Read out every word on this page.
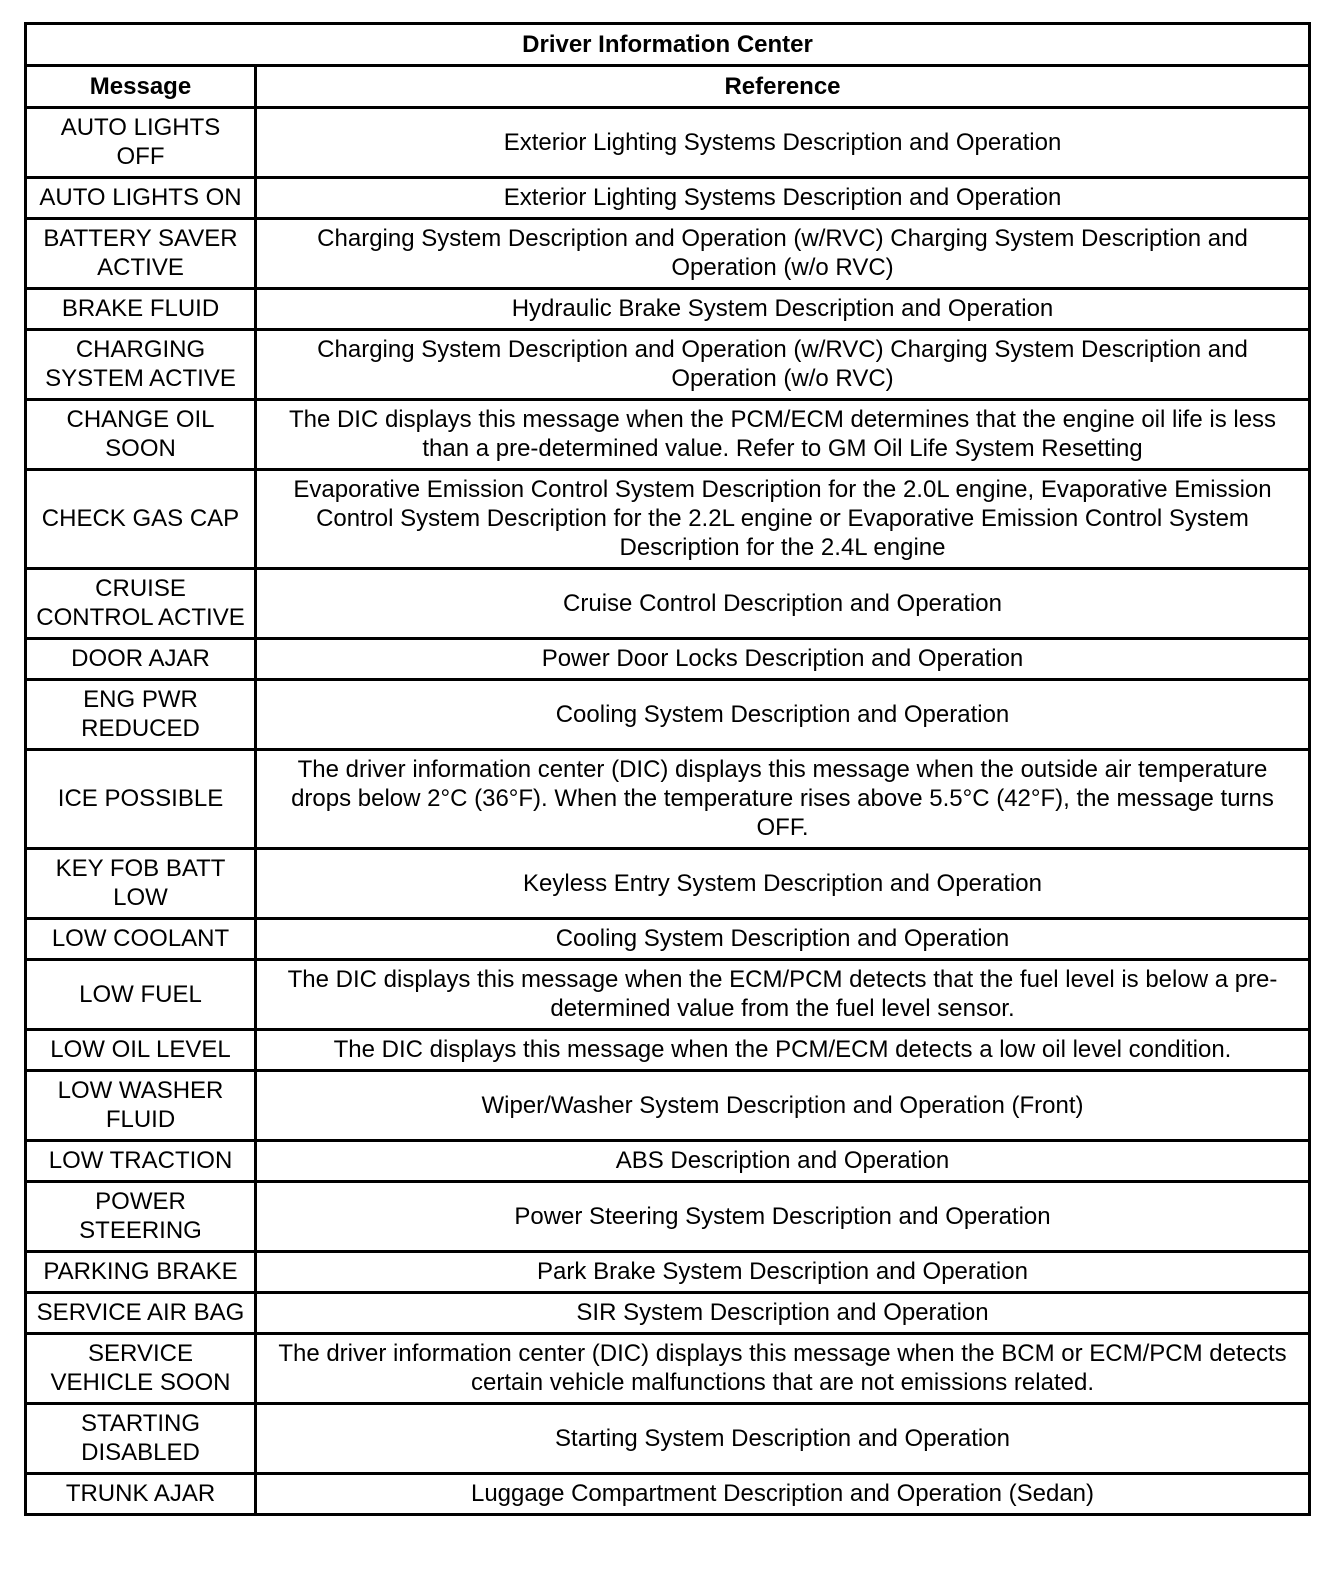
Driver Information Center	
Message	Reference
AUTO LIGHTS OFF	Exterior Lighting Systems Description and Operation
AUTO LIGHTS ON	Exterior Lighting Systems Description and Operation
BATTERY SAVER ACTIVE	Charging System Description and Operation (w/RVC) Charging System Description and Operation (w/o RVC)
BRAKE FLUID	Hydraulic Brake System Description and Operation
CHARGING SYSTEM ACTIVE	Charging System Description and Operation (w/RVC) Charging System Description and Operation (w/o RVC)
CHANGE OIL SOON	The DIC displays this message when the PCM/ECM determines that the engine oil life is less than a pre-determined value. Refer to GM Oil Life System Resetting
CHECK GAS CAP	Evaporative Emission Control System Description for the 2.0L engine, Evaporative Emission Control System Description for the 2.2L engine or Evaporative Emission Control System Description for the 2.4L engine
CRUISE CONTROL ACTIVE	Cruise Control Description and Operation
DOOR AJAR	Power Door Locks Description and Operation
ENG PWR REDUCED	Cooling System Description and Operation
ICE POSSIBLE	The driver information center (DIC) displays this message when the outside air temperature drops below 2°C (36°F). When the temperature rises above 5.5°C (42°F), the message turns OFF.
KEY FOB BATT LOW	Keyless Entry System Description and Operation
LOW COOLANT	Cooling System Description and Operation
LOW FUEL	The DIC displays this message when the ECM/PCM detects that the fuel level is below a pre-determined value from the fuel level sensor.
LOW OIL LEVEL	The DIC displays this message when the PCM/ECM detects a low oil level condition.
LOW WASHER FLUID	Wiper/Washer System Description and Operation (Front)
LOW TRACTION	ABS Description and Operation
POWER STEERING	Power Steering System Description and Operation
PARKING BRAKE	Park Brake System Description and Operation
SERVICE AIR BAG	SIR System Description and Operation
SERVICE VEHICLE SOON	The driver information center (DIC) displays this message when the BCM or ECM/PCM detects certain vehicle malfunctions that are not emissions related.
STARTING DISABLED	Starting System Description and Operation
TRUNK AJAR	Luggage Compartment Description and Operation (Sedan)
